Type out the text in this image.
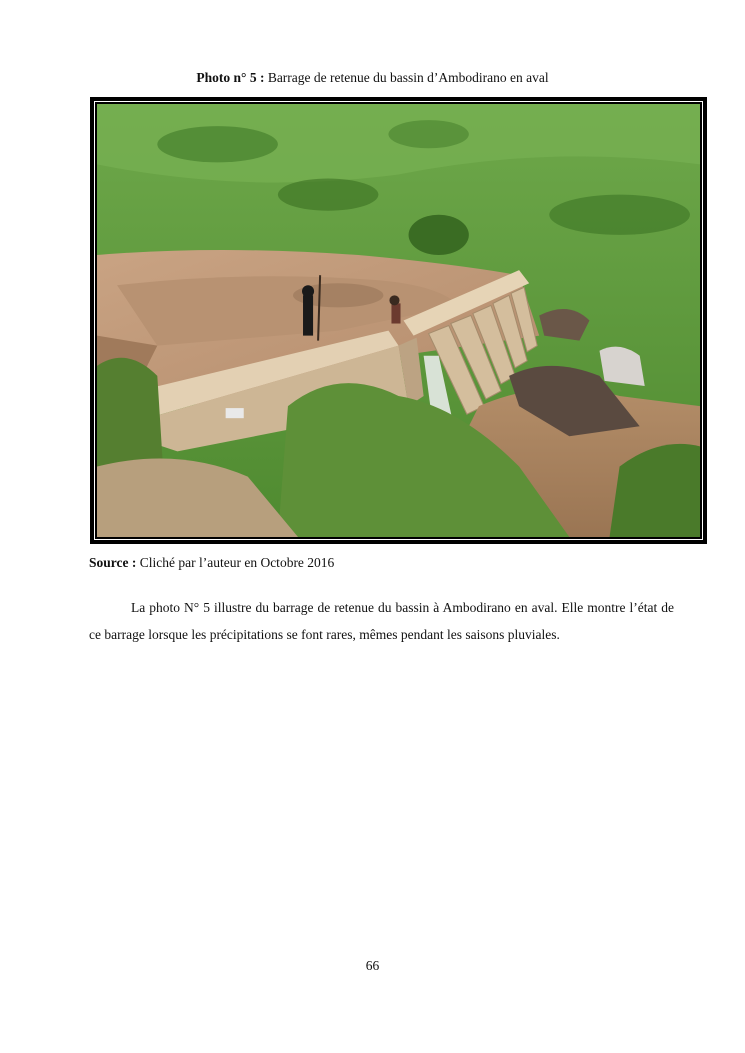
Photo n° 5 : Barrage de retenue du bassin d’Ambodirano en aval
Source : Cliché par l’auteur en Octobre 2016

La photo N° 5 illustre du barrage de retenue du bassin à Ambodirano en aval. Elle montre l’état de ce barrage lorsque les précipitations se font rares, mêmes pendant les saisons pluviales.

66
